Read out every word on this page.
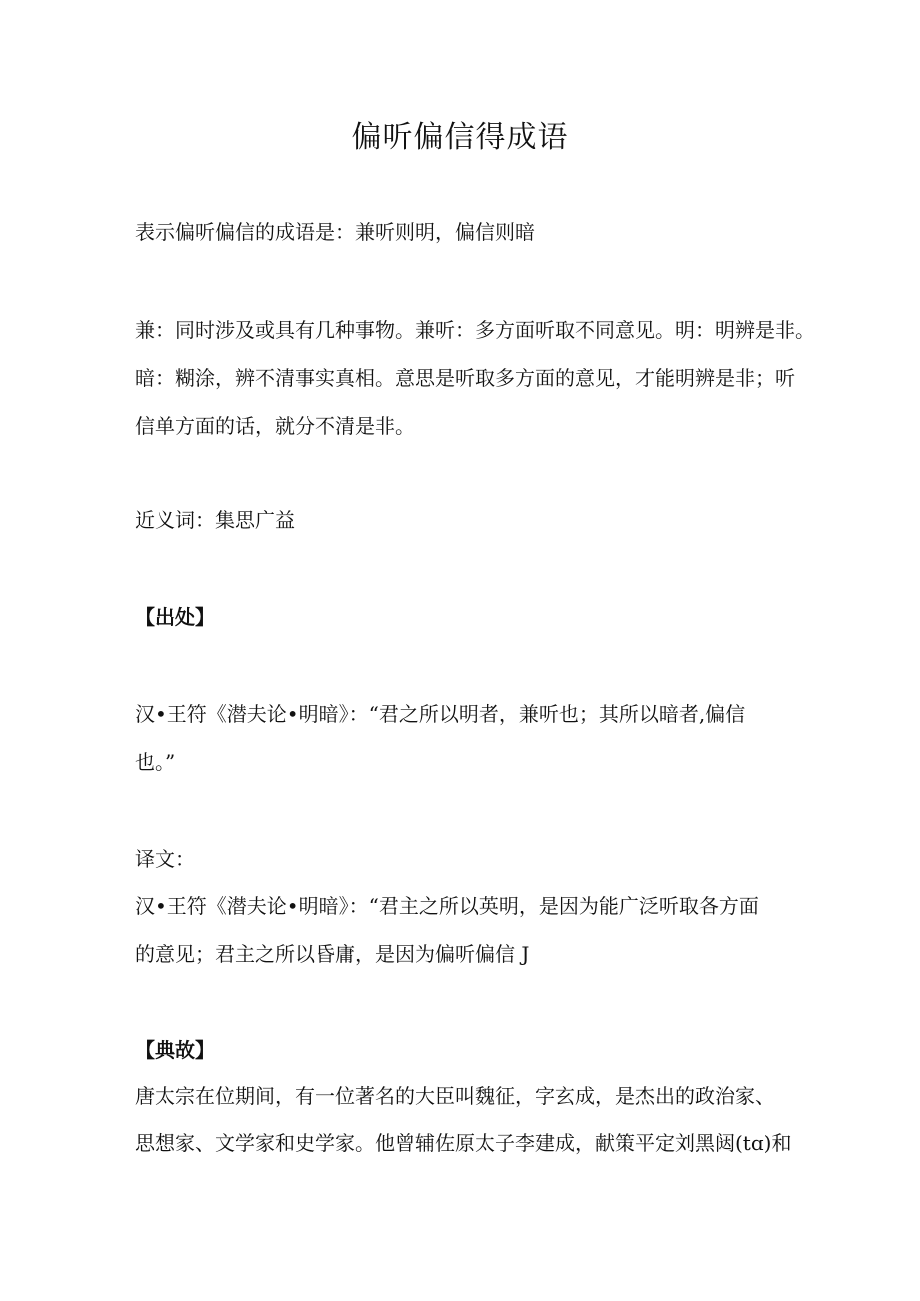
偏听偏信得成语
表示偏听偏信的成语是：兼听则明，偏信则暗
兼：同时涉及或具有几种事物。兼听：多方面听取不同意见。明：明辨是非。
暗：糊涂，辨不清事实真相。意思是听取多方面的意见，才能明辨是非；听
信单方面的话，就分不清是非。
近义词：集思广益
【出处】
汉•王符《潜夫论•明暗》：“君之所以明者，兼听也；其所以暗者,偏信
也。”
译文：
汉•王符《潜夫论•明暗》：“君主之所以英明，是因为能广泛听取各方面
的意见；君主之所以昏庸，是因为偏听偏信 J
【典故】
唐太宗在位期间，有一位著名的大臣叫魏征，字玄成，是杰出的政治家、
思想家、文学家和史学家。他曾辅佐原太子李建成，献策平定刘黑闼(tɑ)和
